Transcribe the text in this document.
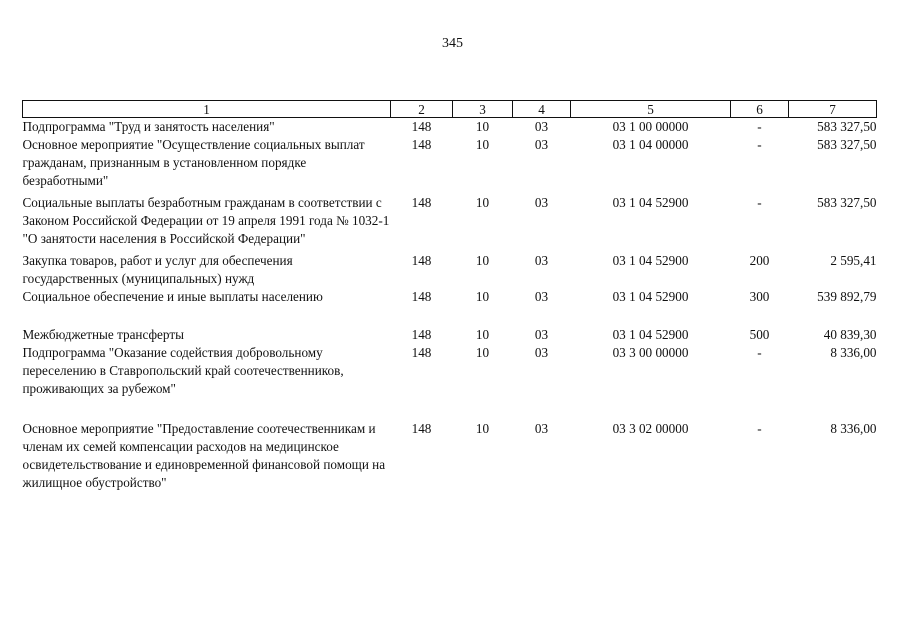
345
1	2	3	4	5	6	7
Подпрограмма "Труд и занятость населения"	148	10	03	03 1 00 00000	-	583 327,50
Основное мероприятие "Осуществление социальных выплат гражданам, признанным в установленном порядке безработными"	148	10	03	03 1 04 00000	-	583 327,50

Социальные выплаты безработным гражданам в соответствии с Законом Российской Федерации от 19 апреля 1991 года № 1032-1 "О занятости населения в Российской Федерации"	148	10	03	03 1 04 52900	-	583 327,50

Закупка товаров, работ и услуг для обеспечения государственных (муниципальных) нужд	148	10	03	03 1 04 52900	200	2 595,41
Социальное обеспечение и иные выплаты населению	148	10	03	03 1 04 52900	300	539 892,79

Межбюджетные трансферты	148	10	03	03 1 04 52900	500	40 839,30
Подпрограмма "Оказание содействия добровольному переселению в Ставропольский край соотечественников, проживающих за рубежом"	148	10	03	03 3 00 00000	-	8 336,00

Основное мероприятие "Предоставление соотечественникам и членам их семей компенсации расходов на медицинское освидетельствование и единовременной финансовой помощи на жилищное обустройство"	148	10	03	03 3 02 00000	-	8 336,00
